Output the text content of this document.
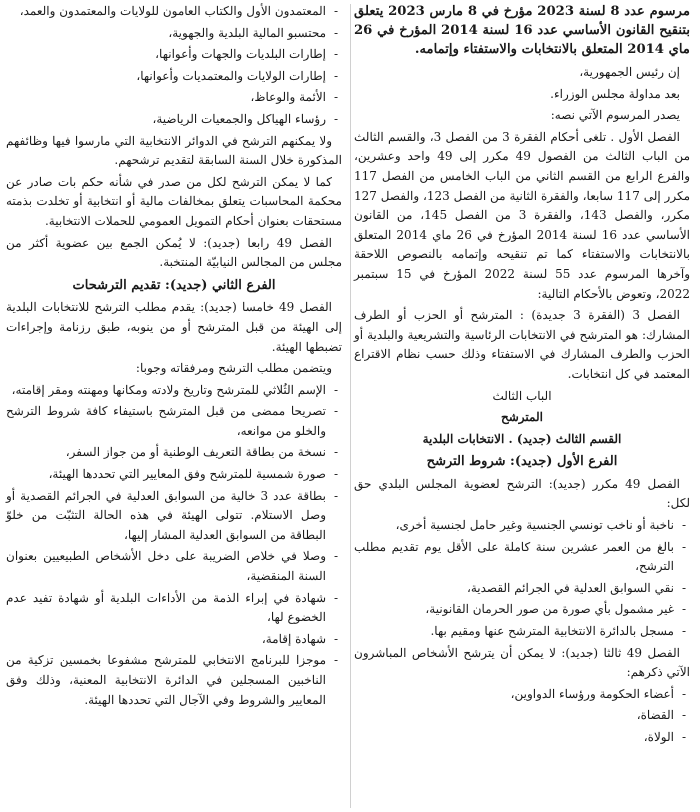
مرسوم عدد 8 لسنة 2023 مؤرخ في 8 مارس 2023 يتعلق بتنقيح القانون الأساسي عدد 16 لسنة 2014 المؤرخ في 26 ماي 2014 المتعلق بالانتخابات والاستفتاء وإتمامه.

إن رئيس الجمهورية،

بعد مداولة مجلس الوزراء.

يصدر المرسوم الآتي نصه:

الفصل الأول . تلغى أحكام الفقرة 3 من الفصل 3، والقسم الثالث من الباب الثالث من الفصول 49 مكرر إلى 49 واحد وعشرين، والفرع الرابع من القسم الثاني من الباب الخامس من الفصل 117 مكرر إلى 117 سابعا، والفقرة الثانية من الفصل 123، والفصل 127 مكرر، والفصل 143، والفقرة 3 من الفصل 145، من القانون الأساسي عدد 16 لسنة 2014 المؤرخ في 26 ماي 2014 المتعلق بالانتخابات والاستفتاء كما تم تنقيحه وإتمامه بالنصوص اللاحقة وآخرها المرسوم عدد 55 لسنة 2022 المؤرخ في 15 سبتمبر 2022، وتعوض بالأحكام التالية:

الفصل 3 (الفقرة 3 جديدة) : المترشح أو الحزب أو الطرف المشارك: هو المترشح في الانتخابات الرئاسية والتشريعية والبلدية أو الحزب والطرف المشارك في الاستفتاء وذلك حسب نظام الاقتراع المعتمد في كل انتخابات.

الباب الثالث

المترشح

القسم الثالث (جديد) . الانتخابات البلدية

الفرع الأول (جديد): شروط الترشح

الفصل 49 مكرر (جديد): الترشح لعضوية المجلس البلدي حق لكل:

- ناخبة أو ناخب تونسي الجنسية وغير حامل لجنسية أخرى،
- بالغ من العمر عشرين سنة كاملة على الأقل يوم تقديم مطلب الترشح،
- نقي السوابق العدلية في الجرائم القصدية،
- غير مشمول بأي صورة من صور الحرمان القانونية،
- مسجل بالدائرة الانتخابية المترشح عنها ومقيم بها.

الفصل 49 ثالثا (جديد): لا يمكن أن يترشح الأشخاص المباشرون الآتي ذكرهم:

- أعضاء الحكومة ورؤساء الدواوين،
- القضاة،
- الولاة،
- المعتمدون الأول والكتاب العامون للولايات والمعتمدون والعمد،
- محتسبو المالية البلدية والجهوية،
- إطارات البلديات والجهات وأعوانها،
- إطارات الولايات والمعتمديات وأعوانها،
- الأئمة والوعاظ،
- رؤساء الهياكل والجمعيات الرياضية،

ولا يمكنهم الترشح في الدوائر الانتخابية التي مارسوا فيها وظائفهم المذكورة خلال السنة السابقة لتقديم ترشحهم.

كما لا يمكن الترشح لكل من صدر في شأنه حكم بات صادر عن محكمة المحاسبات يتعلق بمخالفات مالية أو انتخابية أو تخلدت بذمته مستحقات بعنوان أحكام التمويل العمومي للحملات الانتخابية.

الفصل 49 رابعا (جديد): لا يُمكن الجمع بين عضوية أكثر من مجلس من المجالس النيابيّة المنتخبة.

الفرع الثاني (جديد): تقديم الترشحات

الفصل 49 خامسا (جديد): يقدم مطلب الترشح للانتخابات البلدية إلى الهيئة من قبل المترشح أو من ينوبه، طبق رزنامة وإجراءات تضبطها الهيئة.

ويتضمن مطلب الترشح ومرفقاته وجوبا:

- الإسم الثُلاثي للمترشح وتاريخ ولادته ومكانها ومهنته ومقر إقامته،
- تصريحا ممضى من قبل المترشح باستيفاء كافة شروط الترشح والخلو من موانعه،
- نسخة من بطاقة التعريف الوطنية أو من جواز السفر،
- صورة شمسية للمترشح وفق المعايير التي تحددها الهيئة،
- بطاقة عدد 3 خالية من السوابق العدلية في الجرائم القصدية أو وصل الاستلام. تتولى الهيئة في هذه الحالة التثبّت من خلوّ البطاقة من السوابق العدلية المشار إليها،
- وصلا في خلاص الضريبة على دخل الأشخاص الطبيعيين بعنوان السنة المنقضية،
- شهادة في إبراء الذمة من الأداءات البلدية أو شهادة تفيد عدم الخضوع لها،
- شهادة إقامة،
- موجزا للبرنامج الانتخابي للمترشح مشفوعا بخمسين تزكية من الناخبين المسجلين في الدائرة الانتخابية المعنية، وذلك وفق المعايير والشروط وفي الآجال التي تحددها الهيئة.
